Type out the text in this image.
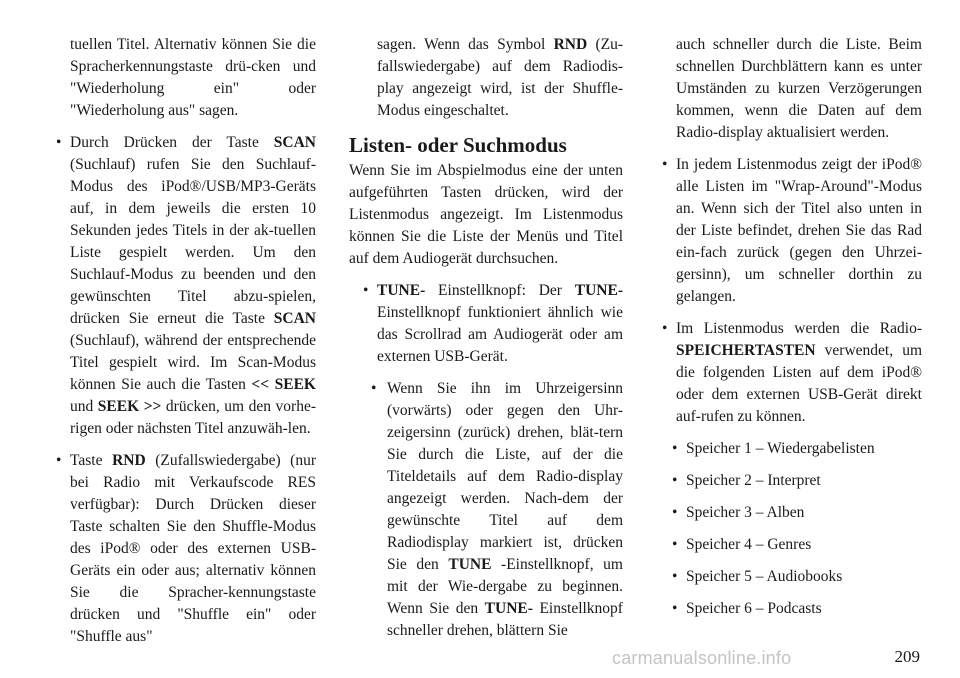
tuellen Titel. Alternativ können Sie die Spracherkennungstaste drü-cken und "Wiederholung ein" oder "Wiederholung aus" sagen.

• Durch Drücken der Taste SCAN (Suchlauf) rufen Sie den Suchlauf-Modus des iPod®/USB/MP3-Geräts auf, in dem jeweils die ersten 10 Sekunden jedes Titels in der ak-tuellen Liste gespielt werden. Um den Suchlauf-Modus zu beenden und den gewünschten Titel abzu-spielen, drücken Sie erneut die Taste SCAN (Suchlauf), während der entsprechende Titel gespielt wird. Im Scan-Modus können Sie auch die Tasten << SEEK und SEEK >> drücken, um den vorhe-rigen oder nächsten Titel anzuwäh-len.

• Taste RND (Zufallswiedergabe) (nur bei Radio mit Verkaufscode RES verfügbar): Durch Drücken dieser Taste schalten Sie den Shuffle-Modus des iPod® oder des externen USB-Geräts ein oder aus; alternativ können Sie die Spracher-kennungstaste drücken und "Shuffle ein" oder "Shuffle aus"

sagen. Wenn das Symbol RND (Zu-fallswiedergabe) auf dem Radiodis-play angezeigt wird, ist der Shuffle-Modus eingeschaltet.

Listen- oder Suchmodus

Wenn Sie im Abspielmodus eine der unten aufgeführten Tasten drücken, wird der Listenmodus angezeigt. Im Listenmodus können Sie die Liste der Menüs und Titel auf dem Audiogerät durchsuchen.

• TUNE- Einstellknopf: Der TUNE- Einstellknopf funktioniert ähnlich wie das Scrollrad am Audiogerät oder am externen USB-Gerät.

• Wenn Sie ihn im Uhrzeigersinn (vorwärts) oder gegen den Uhr-zeigersinn (zurück) drehen, blät-tern Sie durch die Liste, auf der die Titeldetails auf dem Radio-display angezeigt werden. Nach-dem der gewünschte Titel auf dem Radiodisplay markiert ist, drücken Sie den TUNE -Einstellknopf, um mit der Wie-dergabe zu beginnen. Wenn Sie den TUNE- Einstellknopf schneller drehen, blättern Sie

auch schneller durch die Liste. Beim schnellen Durchblättern kann es unter Umständen zu kurzen Verzögerungen kommen, wenn die Daten auf dem Radio-display aktualisiert werden.

• In jedem Listenmodus zeigt der iPod® alle Listen im "Wrap-Around"-Modus an. Wenn sich der Titel also unten in der Liste befindet, drehen Sie das Rad ein-fach zurück (gegen den Uhrzei-gersinn), um schneller dorthin zu gelangen.

• Im Listenmodus werden die Radio- SPEICHERTASTEN verwendet, um die folgenden Listen auf dem iPod® oder dem externen USB-Gerät direkt auf-rufen zu können.

• Speicher 1 – Wiedergabelisten

• Speicher 2 – Interpret

• Speicher 3 – Alben

• Speicher 4 – Genres

• Speicher 5 – Audiobooks

• Speicher 6 – Podcasts

209
carmanualsonline.info
